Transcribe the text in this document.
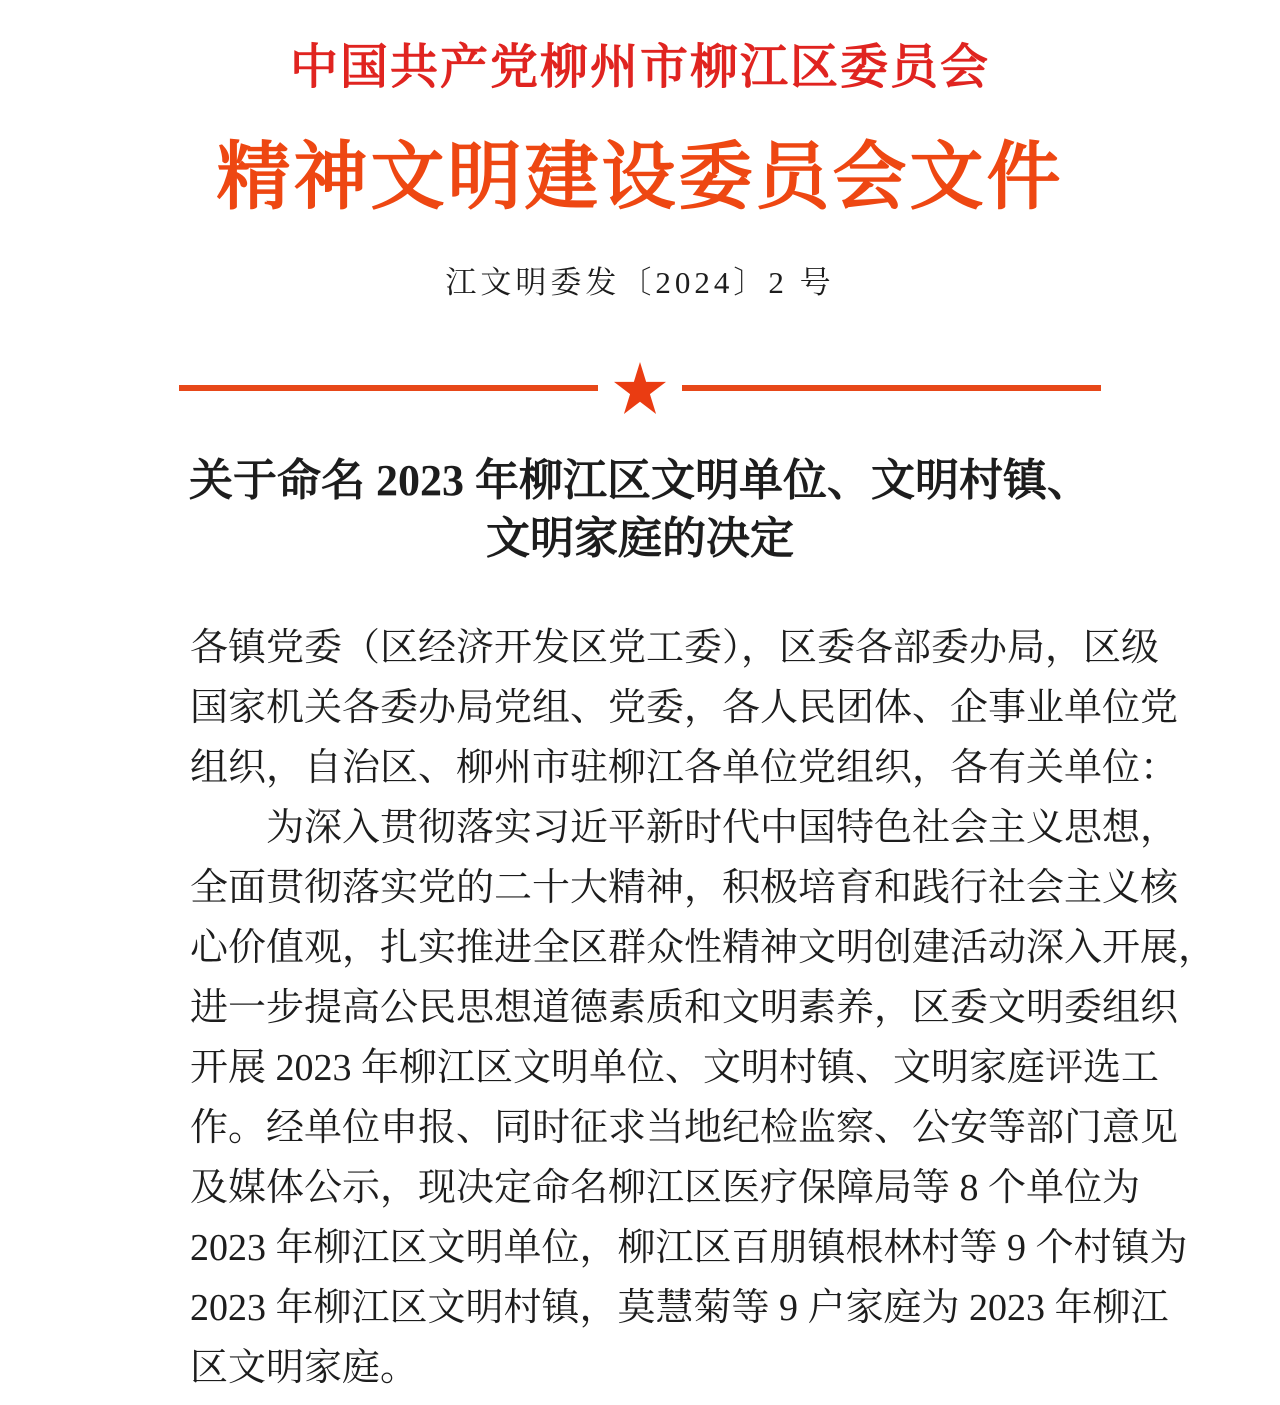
中国共产党柳州市柳江区委员会
精神文明建设委员会文件
江文明委发〔2024〕2 号
关于命名 2023 年柳江区文明单位、文明村镇、
文明家庭的决定
各镇党委（区经济开发区党工委），区委各部委办局，区级
国家机关各委办局党组、党委，各人民团体、企事业单位党
组织，自治区、柳州市驻柳江各单位党组织，各有关单位：
为深入贯彻落实习近平新时代中国特色社会主义思想，
全面贯彻落实党的二十大精神，积极培育和践行社会主义核
心价值观，扎实推进全区群众性精神文明创建活动深入开展，
进一步提高公民思想道德素质和文明素养，区委文明委组织
开展 2023 年柳江区文明单位、文明村镇、文明家庭评选工
作。经单位申报、同时征求当地纪检监察、公安等部门意见
及媒体公示，现决定命名柳江区医疗保障局等 8 个单位为
2023 年柳江区文明单位，柳江区百朋镇根林村等 9 个村镇为
2023 年柳江区文明村镇，莫慧菊等 9 户家庭为 2023 年柳江
区文明家庭。
